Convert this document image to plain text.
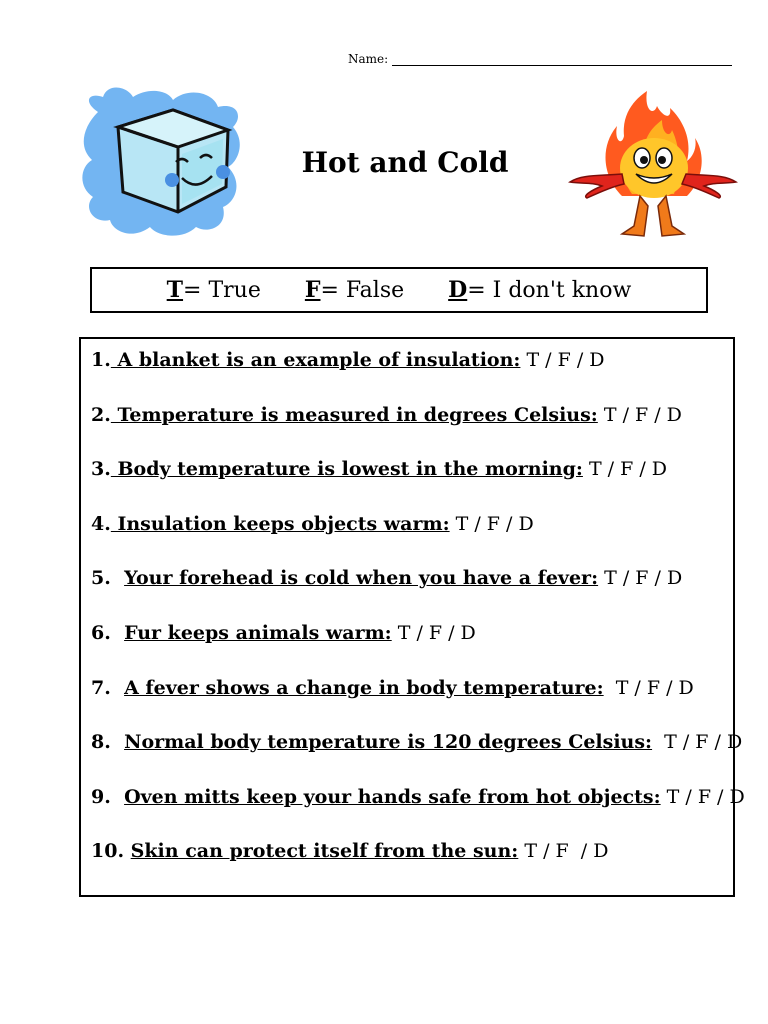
Name:
Hot and Cold
T= True F= False D= I don't know
1. A blanket is an example of insulation: T / F / D
2. Temperature is measured in degrees Celsius: T / F / D
3. Body temperature is lowest in the morning: T / F / D
4. Insulation keeps objects warm: T / F / D
5.  Your forehead is cold when you have a fever: T / F / D
6.  Fur keeps animals warm: T / F / D
7.  A fever shows a change in body temperature:  T / F / D
8.  Normal body temperature is 120 degrees Celsius:  T / F / D
9.  Oven mitts keep your hands safe from hot objects: T / F / D
10. Skin can protect itself from the sun: T / F  / D
